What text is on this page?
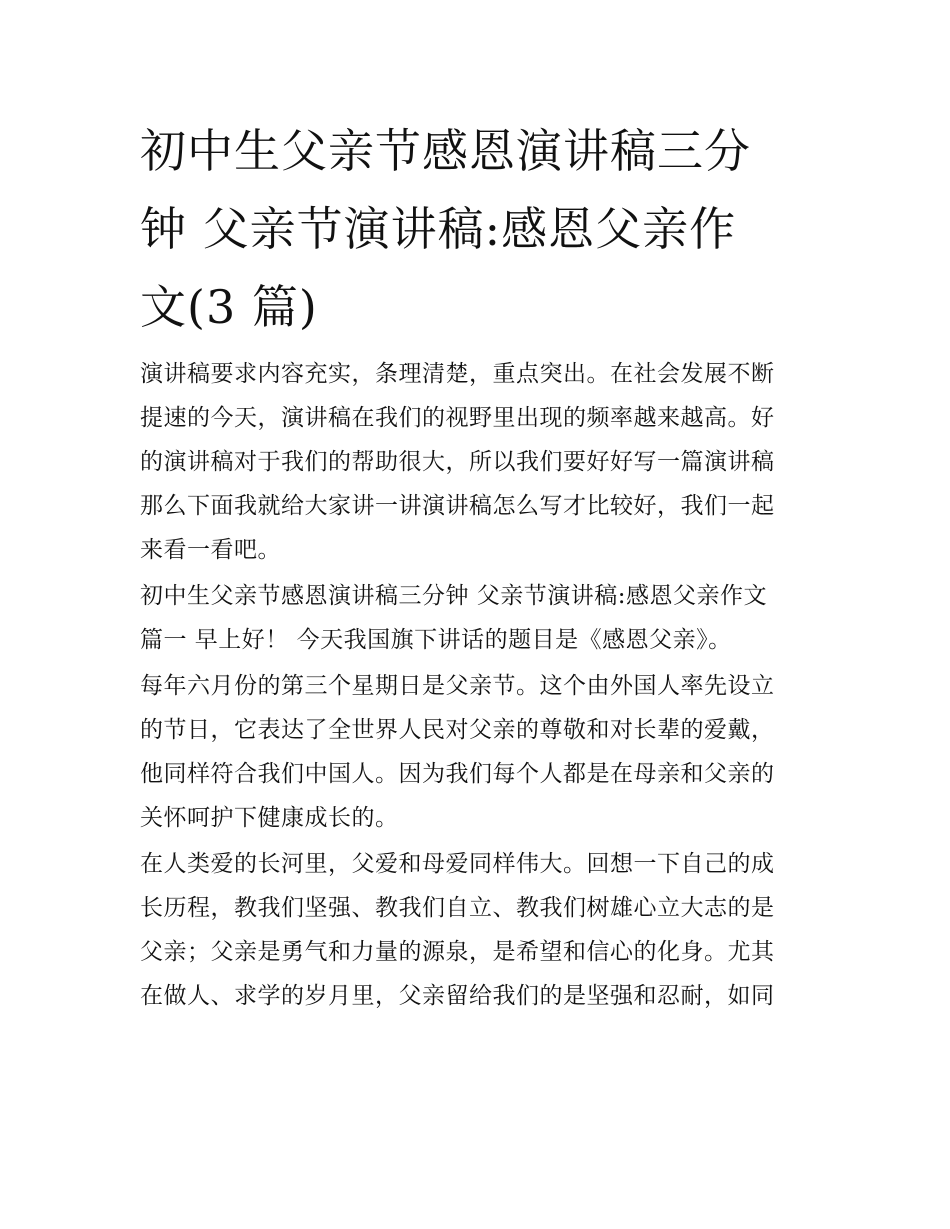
初中生父亲节感恩演讲稿三分
钟 父亲节演讲稿:感恩父亲作
文(3 篇)

演讲稿要求内容充实，条理清楚，重点突出。在社会发展不断
提速的今天，演讲稿在我们的视野里出现的频率越来越高。好
的演讲稿对于我们的帮助很大，所以我们要好好写一篇演讲稿
那么下面我就给大家讲一讲演讲稿怎么写才比较好，我们一起
来看一看吧。

初中生父亲节感恩演讲稿三分钟 父亲节演讲稿:感恩父亲作文
篇一 早上好！ 今天我国旗下讲话的题目是《感恩父亲》。

每年六月份的第三个星期日是父亲节。这个由外国人率先设立
的节日，它表达了全世界人民对父亲的尊敬和对长辈的爱戴，
他同样符合我们中国人。因为我们每个人都是在母亲和父亲的
关怀呵护下健康成长的。

在人类爱的长河里，父爱和母爱同样伟大。回想一下自己的成
长历程，教我们坚强、教我们自立、教我们树雄心立大志的是
父亲；父亲是勇气和力量的源泉，是希望和信心的化身。尤其
在做人、求学的岁月里，父亲留给我们的是坚强和忍耐，如同
